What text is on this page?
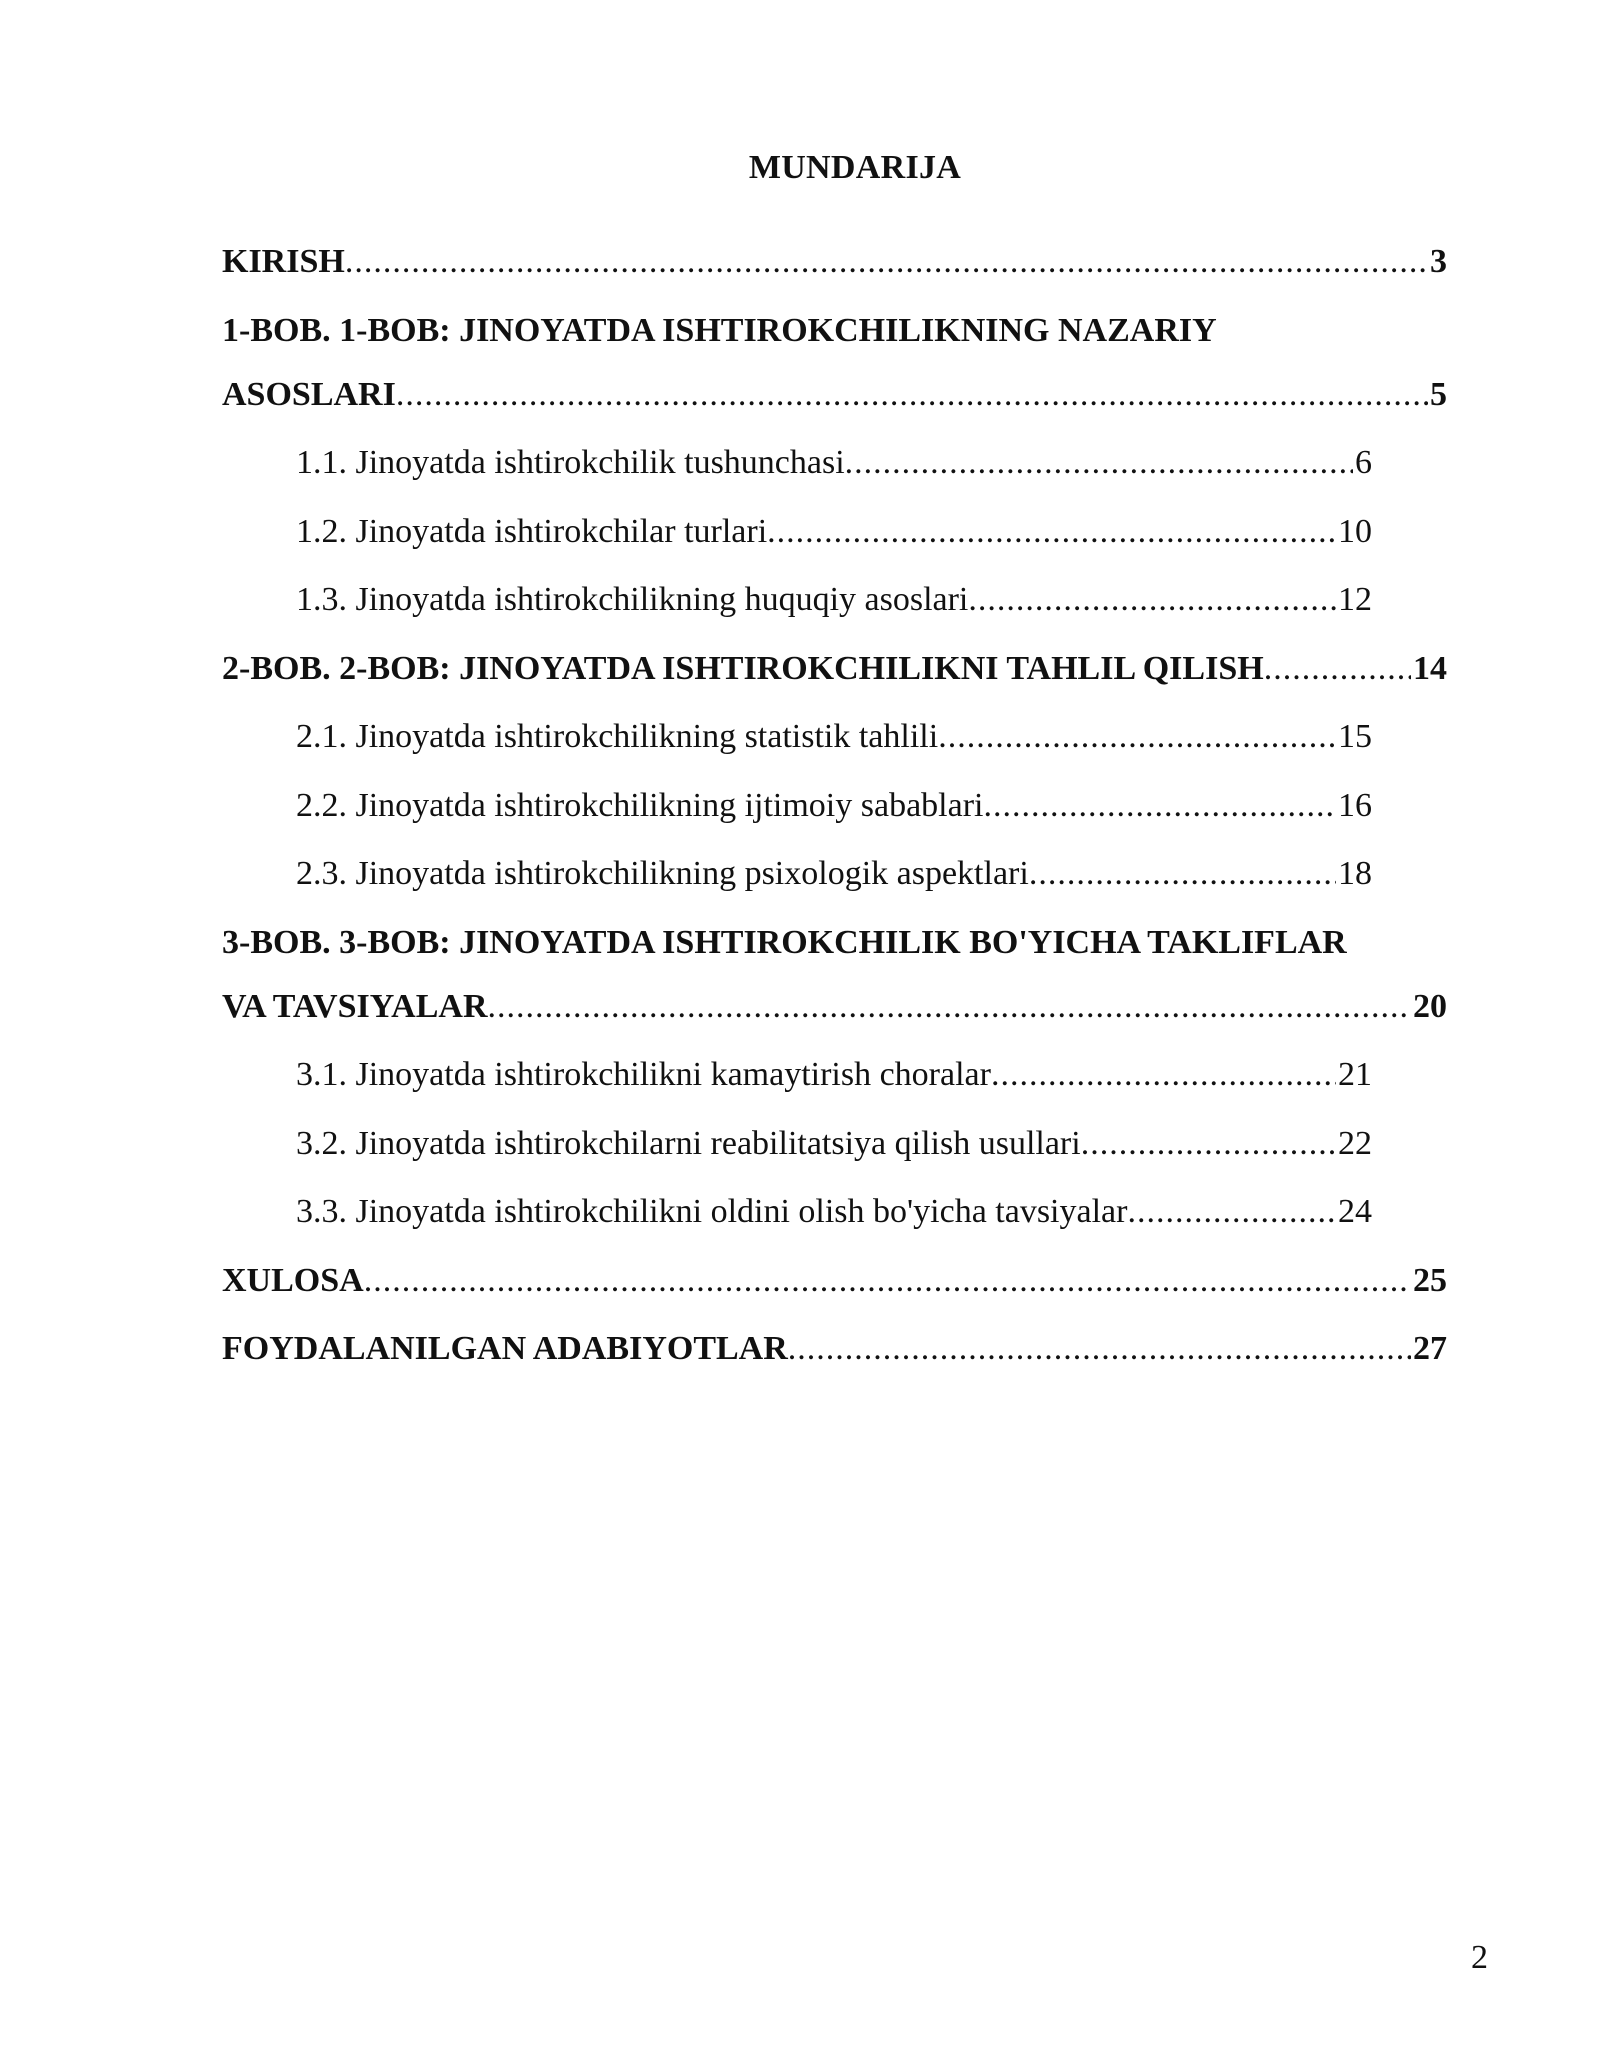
MUNDARIJA
KIRISH .....	3
1-BOB. 1-BOB: JINOYATDA ISHTIROKCHILIKNING NAZARIY
ASOSLARI .....	5
1.1. Jinoyatda ishtirokchilik tushunchasi .....	6
1.2. Jinoyatda ishtirokchilar turlari .....	10
1.3. Jinoyatda ishtirokchilikning huquqiy asoslari .....	12
2-BOB. 2-BOB: JINOYATDA ISHTIROKCHILIKNI TAHLIL QILISH .....	14
2.1. Jinoyatda ishtirokchilikning statistik tahlili .....	15
2.2. Jinoyatda ishtirokchilikning ijtimoiy sabablari .....	16
2.3. Jinoyatda ishtirokchilikning psixologik aspektlari .....	18
3-BOB. 3-BOB: JINOYATDA ISHTIROKCHILIK BO'YICHA TAKLIFLAR
VA TAVSIYALAR .....	20
3.1. Jinoyatda ishtirokchilikni kamaytirish choralar .....	21
3.2. Jinoyatda ishtirokchilarni reabilitatsiya qilish usullari .....	22
3.3. Jinoyatda ishtirokchilikni oldini olish bo'yicha tavsiyalar .....	24
XULOSA .....	25
FOYDALANILGAN ADABIYOTLAR .....	27
2
